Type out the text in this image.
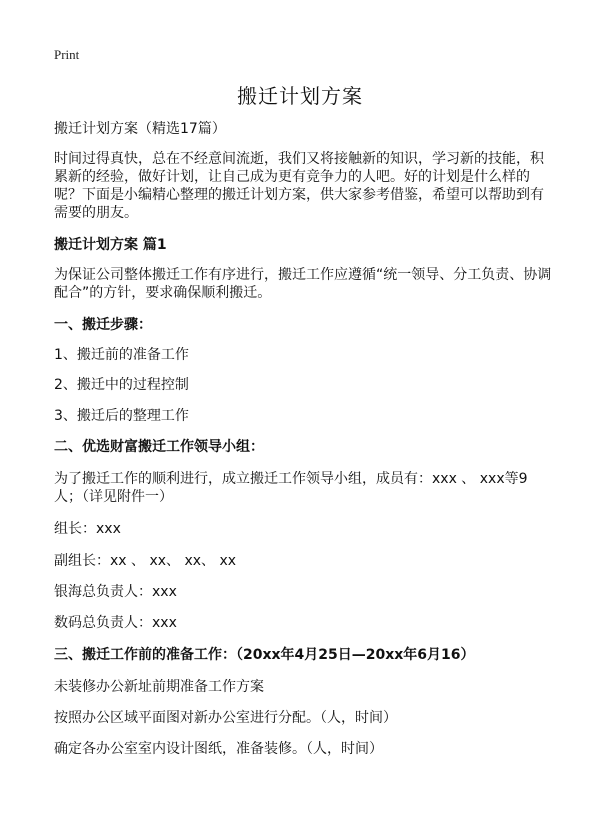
Print
搬迁计划方案
搬迁计划方案（精选17篇）
时间过得真快，总在不经意间流逝，我们又将接触新的知识，学习新的技能，积累新的经验，做好计划，让自己成为更有竞争力的人吧。好的计划是什么样的呢？下面是小编精心整理的搬迁计划方案，供大家参考借鉴，希望可以帮助到有需要的朋友。
搬迁计划方案 篇1
为保证公司整体搬迁工作有序进行，搬迁工作应遵循“统一领导、分工负责、协调配合”的方针，要求确保顺利搬迁。
一、搬迁步骤：
1、搬迁前的准备工作
2、搬迁中的过程控制
3、搬迁后的整理工作
二、优选财富搬迁工作领导小组：
为了搬迁工作的顺利进行，成立搬迁工作领导小组，成员有：xxx 、 xxx等9人；（详见附件一）
组长：xxx
副组长：xx 、 xx、 xx、 xx
银海总负责人：xxx
数码总负责人：xxx
三、搬迁工作前的准备工作：（20xx年4月25日—20xx年6月16）
未装修办公新址前期准备工作方案
按照办公区域平面图对新办公室进行分配。（人，时间）
确定各办公室室内设计图纸，准备装修。（人，时间）
